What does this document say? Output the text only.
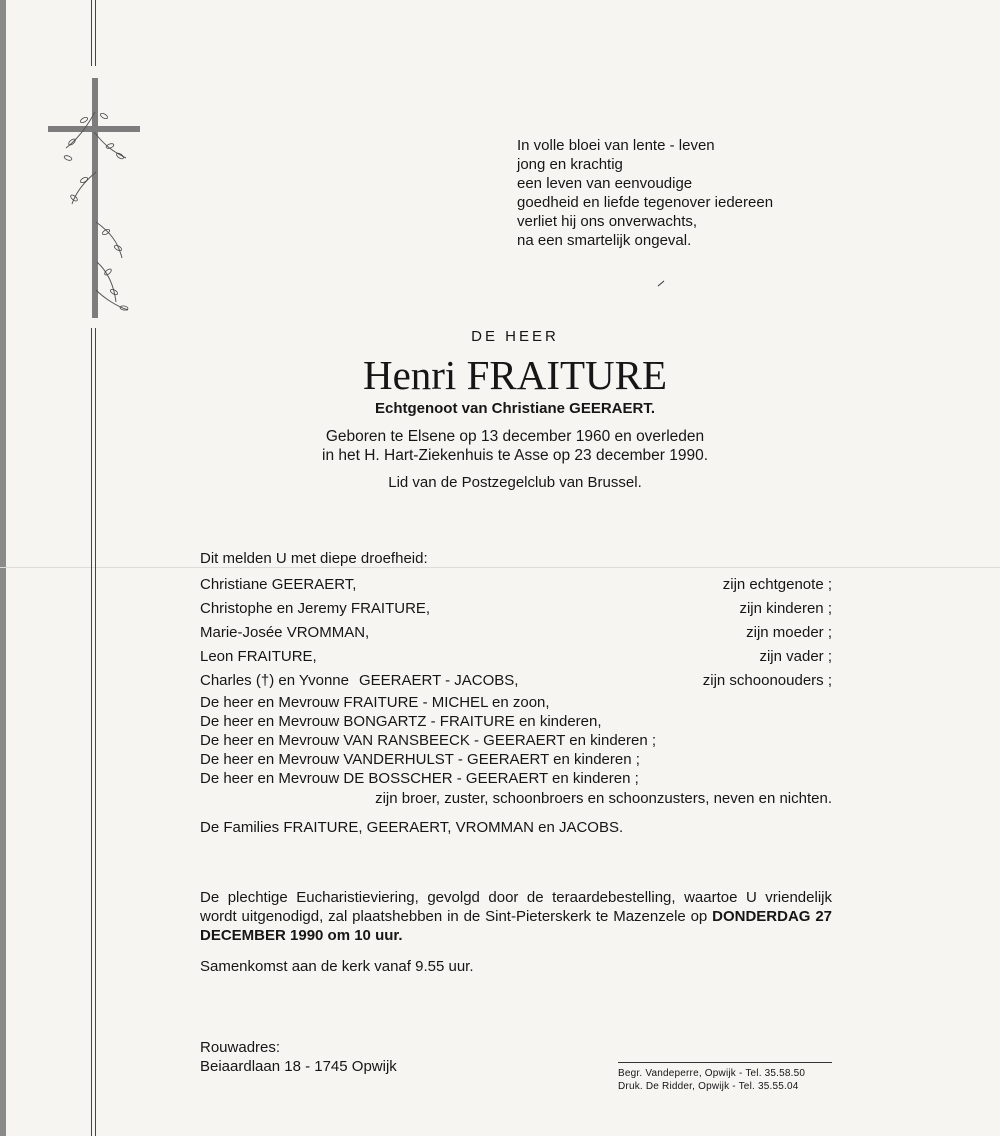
In volle bloei van lente - leven
jong en krachtig
een leven van eenvoudige
goedheid en liefde tegenover iedereen
verliet hij ons onverwachts,
na een smartelijk ongeval.
DE HEER
Henri FRAITURE
Echtgenoot van Christiane GEERAERT.
Geboren te Elsene op 13 december 1960 en overleden
in het H. Hart-Ziekenhuis te Asse op 23 december 1990.
Lid van de Postzegelclub van Brussel.
Dit melden U met diepe droefheid:
Christiane GEERAERT,	zijn echtgenote ;
Christophe en Jeremy FRAITURE,	zijn kinderen ;
Marie-Josée VROMMAN,	zijn moeder ;
Leon FRAITURE,	zijn vader ;
Charles (†) en Yvonne GEERAERT - JACOBS,	zijn schoonouders ;
De heer en Mevrouw FRAITURE - MICHEL en zoon,
De heer en Mevrouw BONGARTZ - FRAITURE en kinderen,
De heer en Mevrouw VAN RANSBEECK - GEERAERT en kinderen ;
De heer en Mevrouw VANDERHULST - GEERAERT en kinderen ;
De heer en Mevrouw DE BOSSCHER - GEERAERT en kinderen ;
zijn broer, zuster, schoonbroers en schoonzusters, neven en nichten.
De Families FRAITURE, GEERAERT, VROMMAN en JACOBS.
De plechtige Eucharistieviering, gevolgd door de teraardebestelling, waartoe U vriendelijk wordt uitgenodigd, zal plaatshebben in de Sint-Pieterskerk te Mazenzele op DONDERDAG 27 DECEMBER 1990 om 10 uur.
Samenkomst aan de kerk vanaf 9.55 uur.
Rouwadres:
Beiaardlaan 18 - 1745 Opwijk	Begr. Vandeperre, Opwijk - Tel. 35.58.50
Druk. De Ridder, Opwijk - Tel. 35.55.04
